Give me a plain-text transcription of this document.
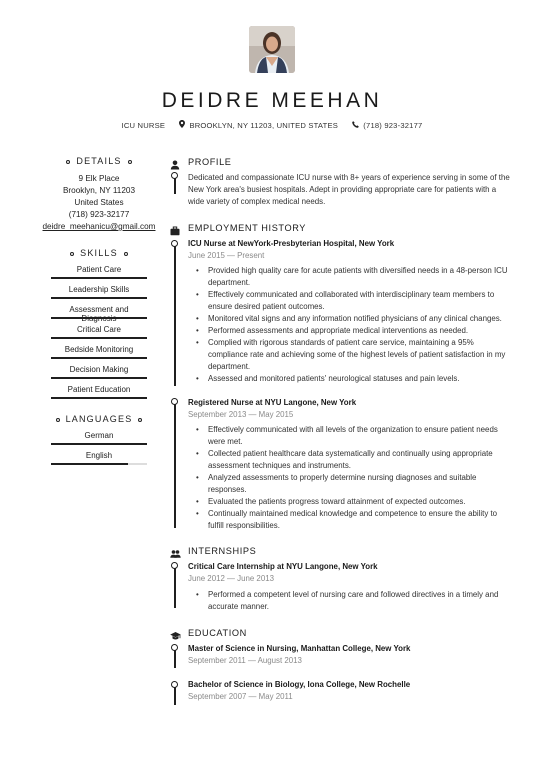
DEIDRE MEEHAN
ICU NURSE	BROOKLYN, NY 11203, UNITED STATES	(718) 923-32177
DETAILS
9 Elk Place
Brooklyn, NY 11203
United States
(718) 923-32177
deidre_meehanicu@gmail.com
SKILLS
Patient Care
Leadership Skills
Assessment and
Critical Care
Bedside Monitoring
Decision Making
Patient Education
LANGUAGES
German
English
PROFILE
Dedicated and compassionate ICU nurse with 8+ years of experience serving in some of the New York area's busiest hospitals. Adept in providing appropriate care for patients with a wide variety of complex medical needs.
EMPLOYMENT HISTORY
ICU Nurse at NewYork-Presbyterian Hospital, New York
June 2015 — Present
• Provided high quality care for acute patients with diversified needs in a 48-person ICU department.
• Effectively communicated and collaborated with interdisciplinary team members to ensure desired patient outcomes.
• Monitored vital signs and any information notified physicians of any clinical changes.
• Performed assessments and appropriate medical interventions as needed.
• Complied with rigorous standards of patient care service, maintaining a 95% compliance rate and achieving some of the highest levels of patient satisfaction in my department.
• Assessed and monitored patients' neurological statuses and pain levels.
Registered Nurse at NYU Langone, New York
September 2013 — May 2015
• Effectively communicated with all levels of the organization to ensure patient needs were met.
• Collected patient healthcare data systematically and continually using appropriate assessment techniques and instruments.
• Analyzed assessments to properly determine nursing diagnoses and suitable responses.
• Evaluated the patients progress toward attainment of expected outcomes.
• Continually maintained medical knowledge and competence to ensure the ability to fulfill responsibilities.
INTERNSHIPS
Critical Care Internship at NYU Langone, New York
June 2012 — June 2013
• Performed a competent level of nursing care and followed directives in a timely and accurate manner.
EDUCATION
Master of Science in Nursing, Manhattan College, New York
September 2011 — August 2013
Bachelor of Science in Biology, Iona College, New Rochelle
September 2007 — May 2011
